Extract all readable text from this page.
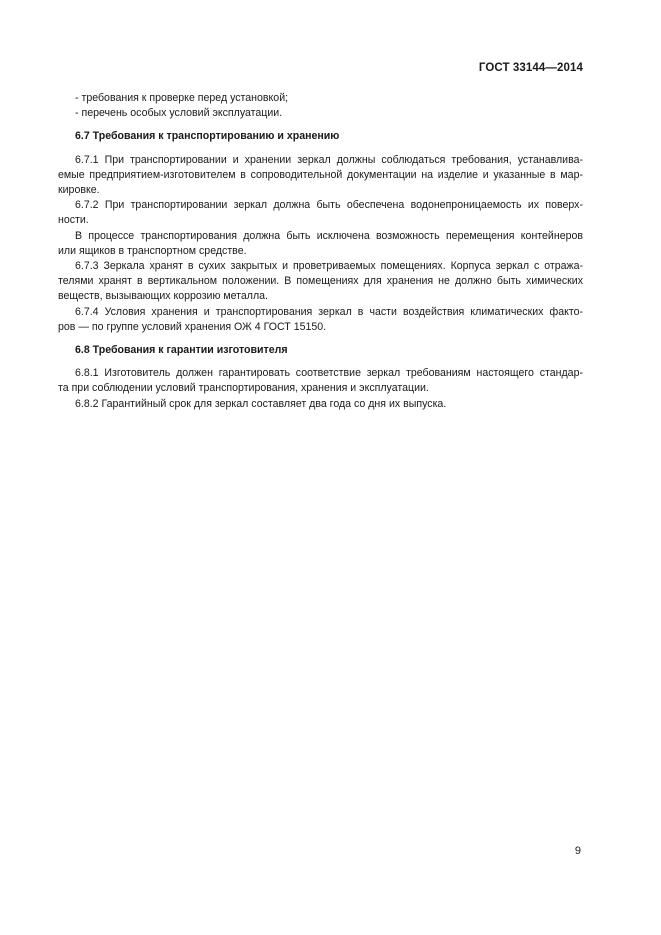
ГОСТ 33144—2014
- требования к проверке перед установкой;
- перечень особых условий эксплуатации.
6.7 Требования к транспортированию и хранению
6.7.1 При транспортировании и хранении зеркал должны соблюдаться требования, устанавлива-
емые предприятием-изготовителем в сопроводительной документации на изделие и указанные в мар-
кировке.
6.7.2 При транспортировании зеркал должна быть обеспечена водонепроницаемость их поверх-
ности.
В процессе транспортирования должна быть исключена возможность перемещения контейнеров
или ящиков в транспортном средстве.
6.7.3 Зеркала хранят в сухих закрытых и проветриваемых помещениях. Корпуса зеркал с отража-
телями хранят в вертикальном положении. В помещениях для хранения не должно быть химических
веществ, вызывающих коррозию металла.
6.7.4 Условия хранения и транспортирования зеркал в части воздействия климатических факто-
ров — по группе условий хранения ОЖ 4 ГОСТ 15150.
6.8 Требования к гарантии изготовителя
6.8.1 Изготовитель должен гарантировать соответствие зеркал требованиям настоящего стандар-
та при соблюдении условий транспортирования, хранения и эксплуатации.
6.8.2 Гарантийный срок для зеркал составляет два года со дня их выпуска.
9
